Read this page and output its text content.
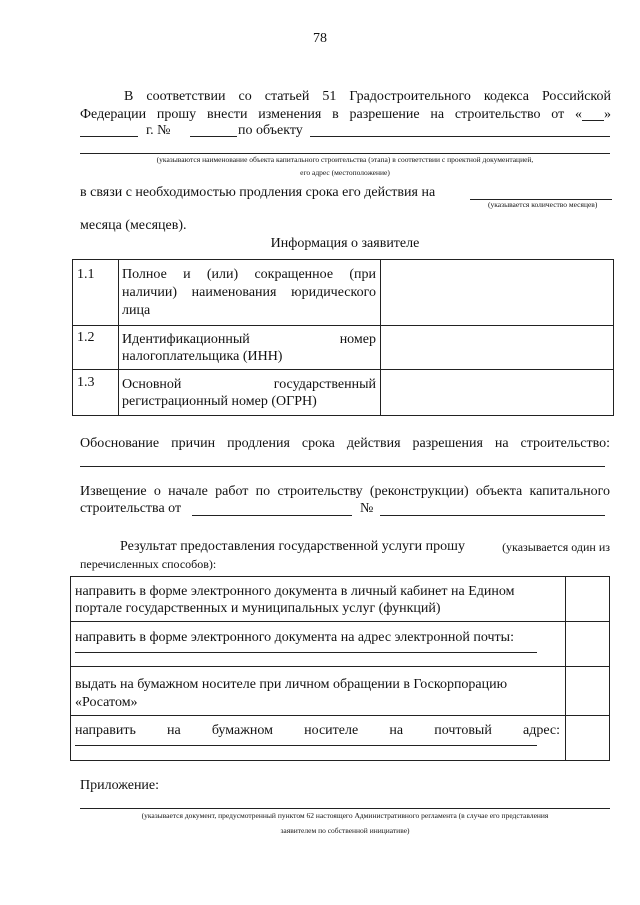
78
В соответствии со статьей 51 Градостроительного кодекса Российской
Федерации прошу внести изменения в разрешение на строительство от « »
г. №	по объекту
(указываются наименование объекта капитального строительства (этапа) в соответствии с проектной документацией,
его адрес (местоположение)
в связи с необходимостью продления срока его действия на
(указывается количество месяцев)
месяца (месяцев).
Информация о заявителе
1.1 Полное и (или) сокращенное (при
наличии) наименования юридического
лица
1.2 Идентификационный номер
налогоплательщика (ИНН)
1.3 Основной государственный
регистрационный номер (ОГРН)
Обоснование причин продления срока действия разрешения на строительство:
Извещение о начале работ по строительству (реконструкции) объекта капитального
строительства от	№
Результат предоставления государственной услуги прошу	(указывается один из
перечисленных способов):
направить в форме электронного документа в личный кабинет на Едином
портале государственных и муниципальных услуг (функций)
направить в форме электронного документа на адрес электронной почты:
выдать на бумажном носителе при личном обращении в Госкорпорацию
«Росатом»
направить на бумажном носителе на почтовый адрес:
Приложение:
(указывается документ, предусмотренный пунктом 62 настоящего Административного регламента (в случае его представления
заявителем по собственной инициативе)
